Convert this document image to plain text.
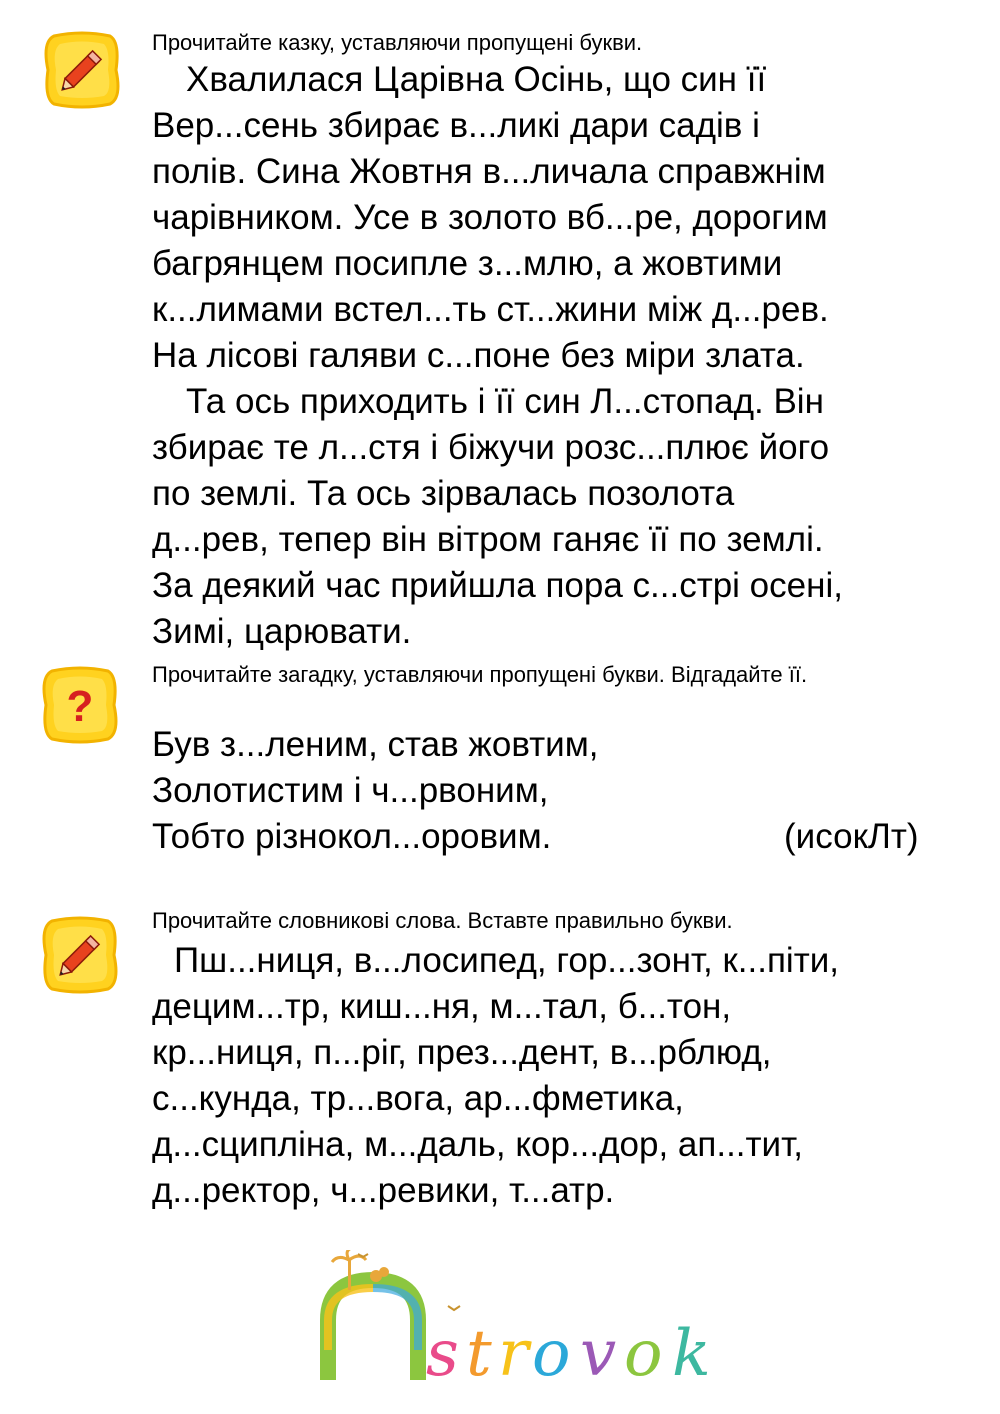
Прочитайте казку, уставляючи пропущені букви.
Хвалилася Царівна Осінь, що син її
Вер...сень збирає в...ликі дари садів і
полів. Сина Жовтня в...личала справжнім
чарівником. Усе в золото вб...ре, дорогим
багрянцем посипле з...млю, а жовтими
к...лимами встел...ть ст...жини між д...рев.
На лісові галяви с...поне без міри злата.
Та ось приходить і її син Л...стопад. Він
збирає те л...стя і біжучи розс...плює його
по землі. Та ось зірвалась позолота
д...рев, тепер він вітром ганяє її по землі.
За деякий час прийшла пора с...стрі осені,
Зимі, царювати.
?
Прочитайте загадку, уставляючи пропущені букви. Відгадайте її.
Був з...леним, став жовтим,
Золотистим і ч...рвоним,
Тобто різнокол...оровим.	(исокЛт)
Прочитайте словникові слова. Вставте правильно букви.
Пш...ниця, в...лосипед, гор...зонт, к...піти,
децим...тр, киш...ня, м...тал, б...тон,
кр...ниця, п...ріг, през...дент, в...рблюд,
с...кунда, тр...вога, ар...фметика,
д...сципліна, м...даль, кор...дор, ап...тит,
д...ректор, ч...ревики, т...атр.
s t r o v o k
